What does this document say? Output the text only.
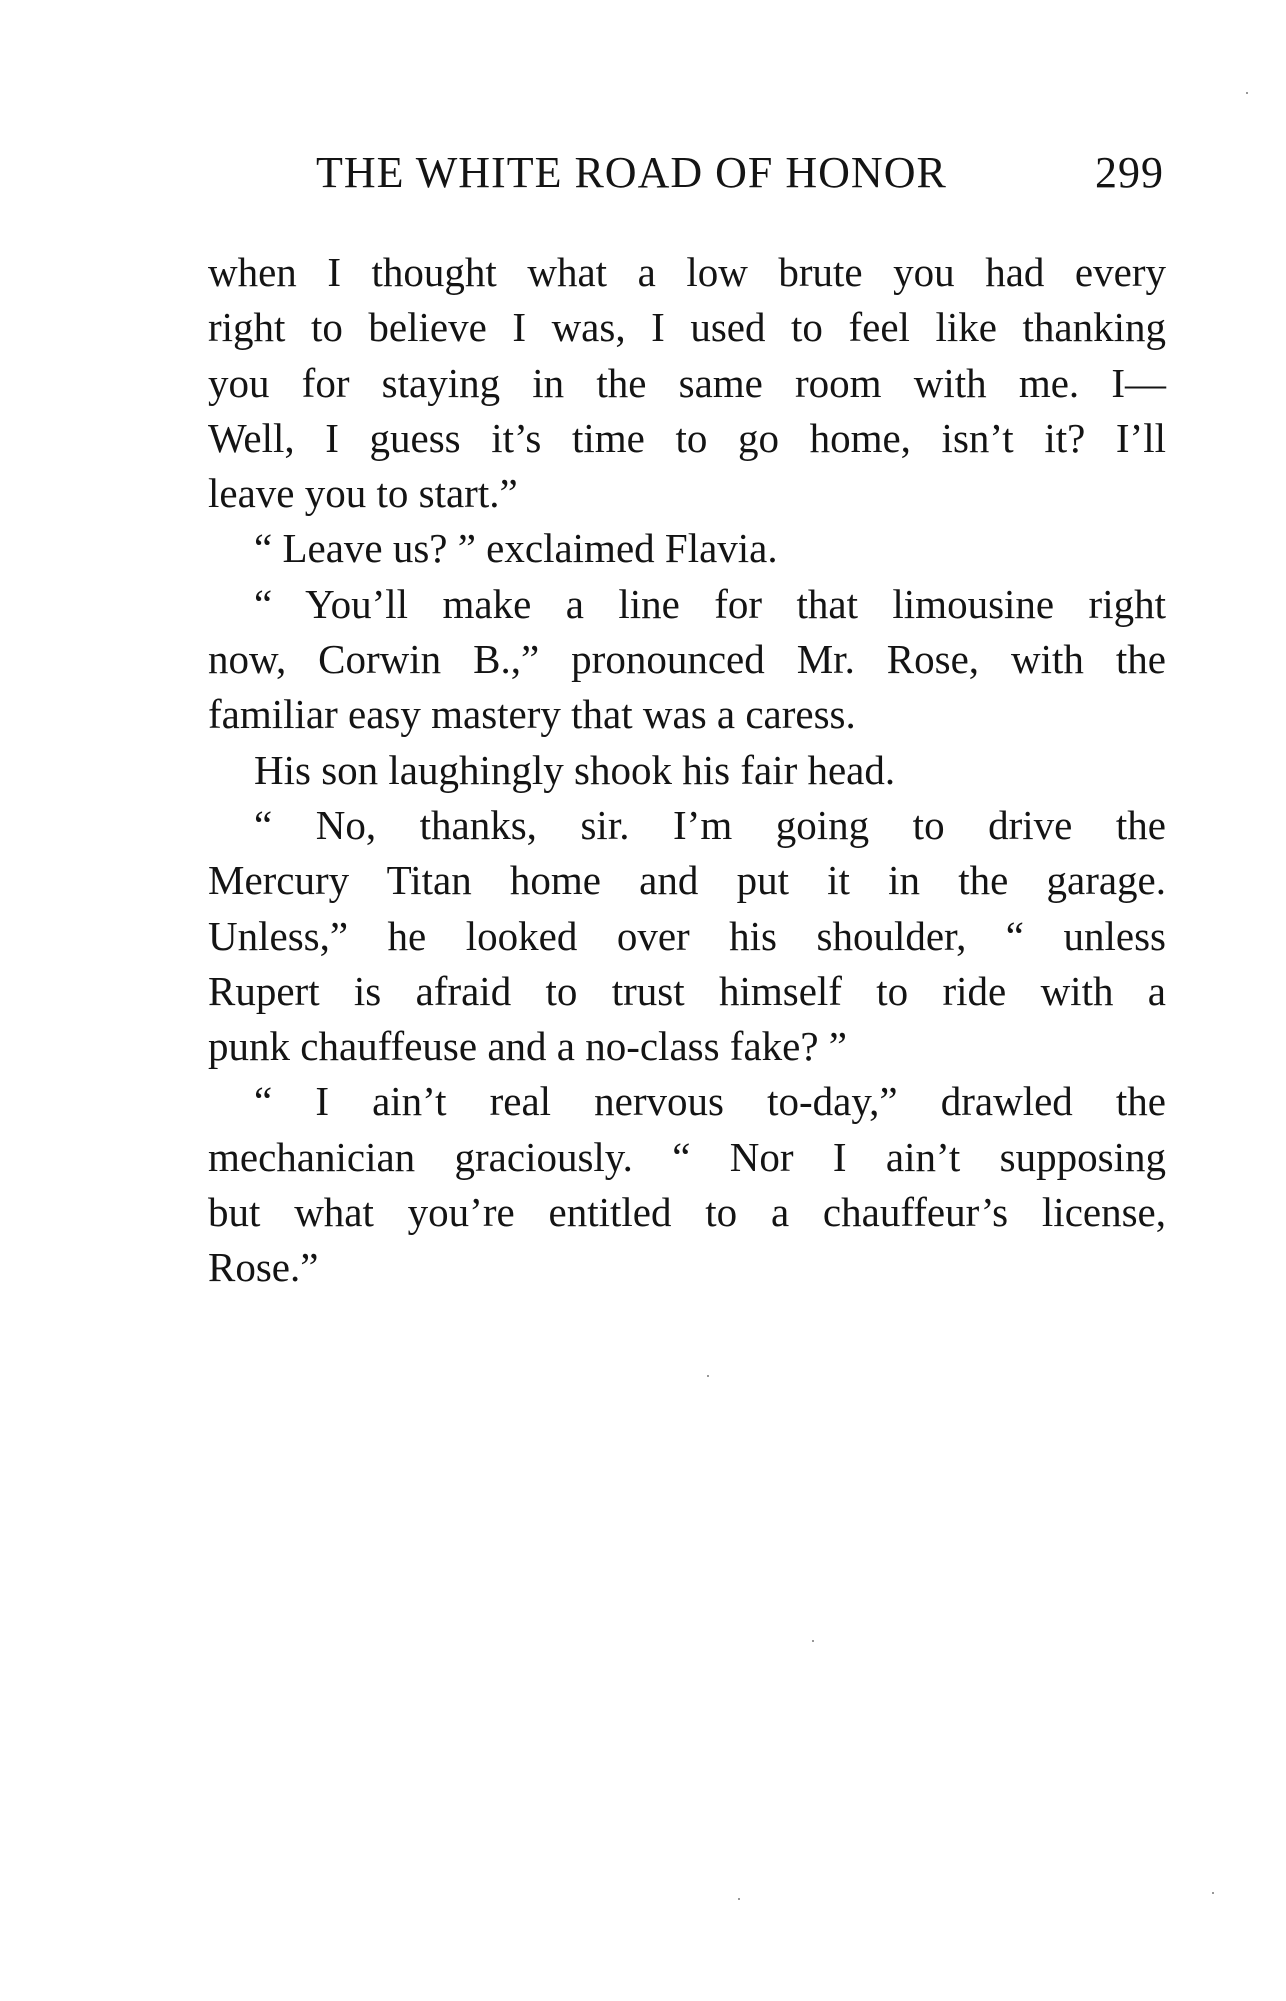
THE WHITE ROAD OF HONOR	299
when I thought what a low brute you had every
right to believe I was, I used to feel like thanking
you for staying in the same room with me. I—
Well, I guess it’s time to go home, isn’t it? I’ll
leave you to start.”
“ Leave us? ” exclaimed Flavia.
“ You’ll make a line for that limousine right
now, Corwin B.,” pronounced Mr. Rose, with the
familiar easy mastery that was a caress.
His son laughingly shook his fair head.
“ No, thanks, sir. I’m going to drive the
Mercury Titan home and put it in the garage.
Unless,” he looked over his shoulder, “ unless
Rupert is afraid to trust himself to ride with a
punk chauffeuse and a no-class fake? ”
“ I ain’t real nervous to-day,” drawled the
mechanician graciously. “ Nor I ain’t supposing
but what you’re entitled to a chauffeur’s license,
Rose.”
